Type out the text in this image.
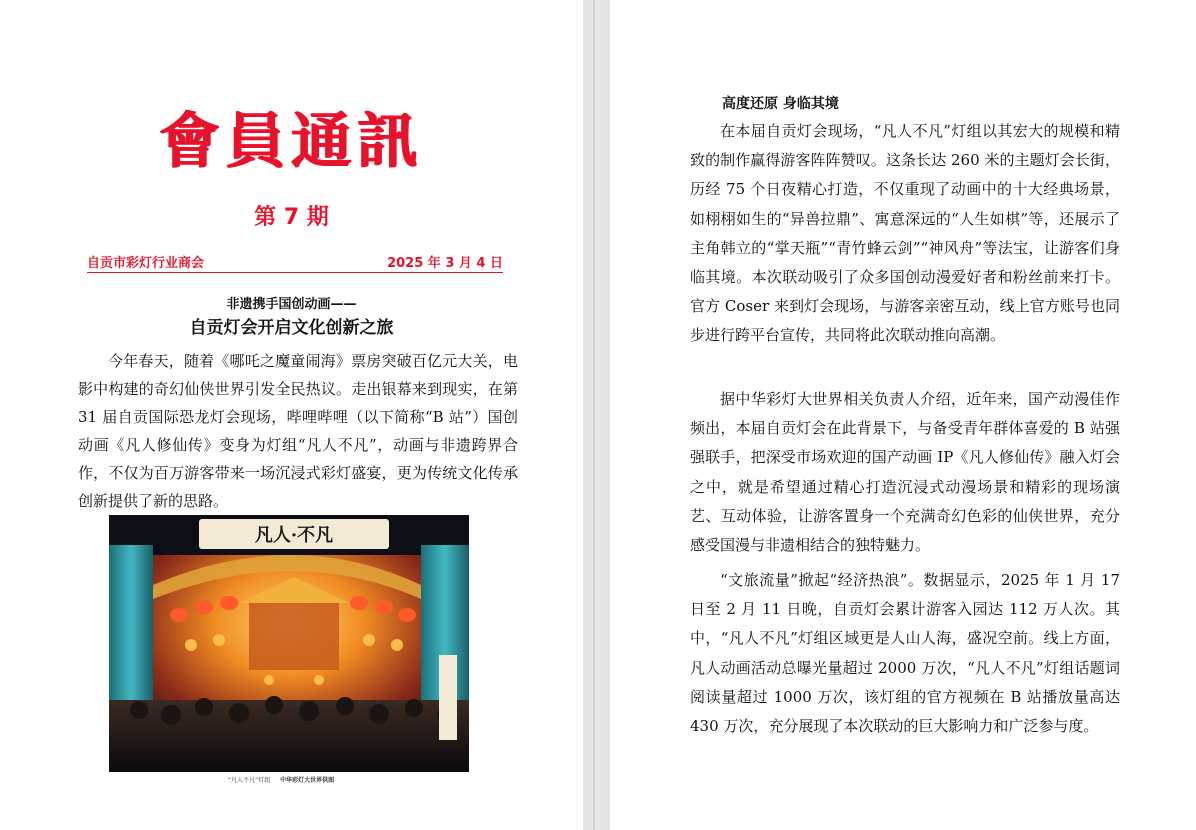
會員通訊
第 7 期
自贡市彩灯行业商会	2025 年 3 月 4 日
非遗携手国创动画——
自贡灯会开启文化创新之旅

今年春天，随着《哪吒之魔童闹海》票房突破百亿元大关，电影中构建的奇幻仙侠世界引发全民热议。走出银幕来到现实，在第 31 届自贡国际恐龙灯会现场，哔哩哔哩（以下简称“B 站”）国创动画《凡人修仙传》变身为灯组“凡人不凡”，动画与非遗跨界合作，不仅为百万游客带来一场沉浸式彩灯盛宴，更为传统文化传承创新提供了新的思路。

凡人·不凡
“凡人不凡”灯组 中华彩灯大世界供图
高度还原 身临其境

在本届自贡灯会现场，“凡人不凡”灯组以其宏大的规模和精致的制作赢得游客阵阵赞叹。这条长达 260 米的主题灯会长街，历经 75 个日夜精心打造，不仅重现了动画中的十大经典场景，如栩栩如生的“异兽拉鼎”、寓意深远的“人生如棋”等，还展示了主角韩立的“掌天瓶”“青竹蜂云剑”“神风舟”等法宝，让游客们身临其境。本次联动吸引了众多国创动漫爱好者和粉丝前来打卡。官方 Coser 来到灯会现场，与游客亲密互动，线上官方账号也同步进行跨平台宣传，共同将此次联动推向高潮。

据中华彩灯大世界相关负责人介绍，近年来，国产动漫佳作频出，本届自贡灯会在此背景下，与备受青年群体喜爱的 B 站强强联手，把深受市场欢迎的国产动画 IP《凡人修仙传》融入灯会之中，就是希望通过精心打造沉浸式动漫场景和精彩的现场演艺、互动体验，让游客置身一个充满奇幻色彩的仙侠世界，充分感受国漫与非遗相结合的独特魅力。

“文旅流量”掀起“经济热浪”。数据显示，2025 年 1 月 17 日至 2 月 11 日晚，自贡灯会累计游客入园达 112 万人次。其中，“凡人不凡”灯组区域更是人山人海，盛况空前。线上方面，凡人动画活动总曝光量超过 2000 万次，“凡人不凡”灯组话题词阅读量超过 1000 万次，该灯组的官方视频在 B 站播放量高达 430 万次，充分展现了本次联动的巨大影响力和广泛参与度。
